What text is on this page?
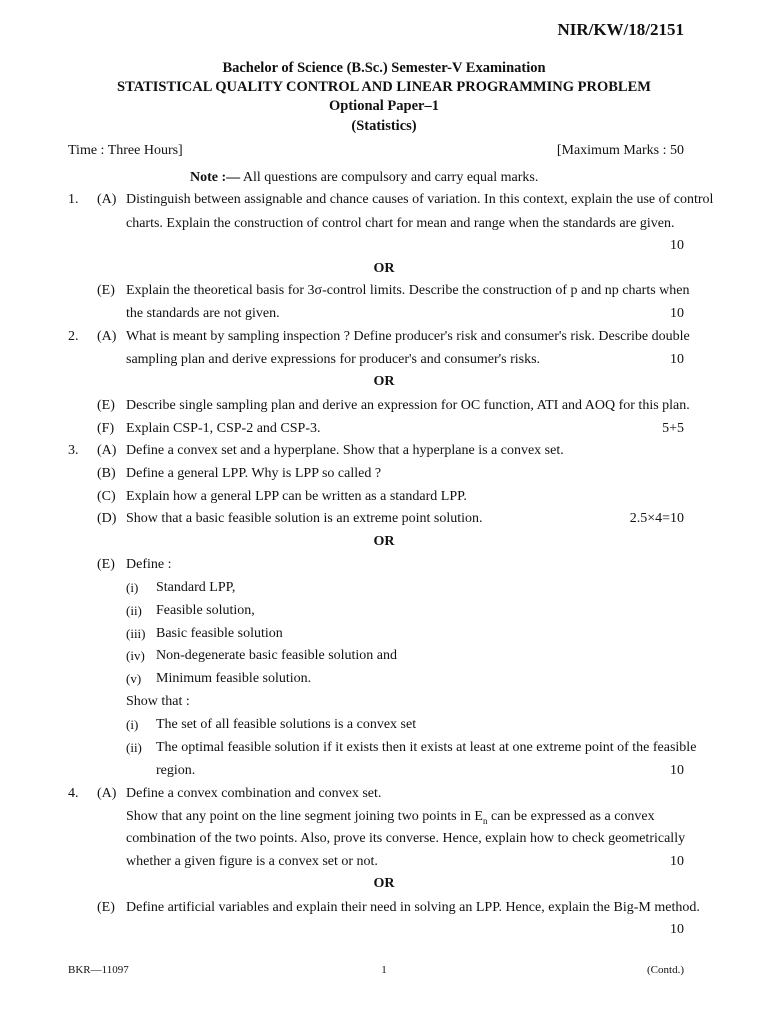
NIR/KW/18/2151
Bachelor of Science (B.Sc.) Semester-V Examination
STATISTICAL QUALITY CONTROL AND LINEAR PROGRAMMING PROBLEM
Optional Paper–1
(Statistics)
Time : Three Hours]	[Maximum Marks : 50
Note :— All questions are compulsory and carry equal marks.
1. (A) Distinguish between assignable and chance causes of variation. In this context, explain the use of control
charts. Explain the construction of control chart for mean and range when the standards are given.
10
OR
(E) Explain the theoretical basis for 3σ-control limits. Describe the construction of p and np charts when
the standards are not given.	10
2. (A) What is meant by sampling inspection ? Define producer's risk and consumer's risk. Describe double
sampling plan and derive expressions for producer's and consumer's risks.	10
OR
(E) Describe single sampling plan and derive an expression for OC function, ATI and AOQ for this plan.
(F) Explain CSP-1, CSP-2 and CSP-3.	5+5
3. (A) Define a convex set and a hyperplane. Show that a hyperplane is a convex set.
(B) Define a general LPP. Why is LPP so called ?
(C) Explain how a general LPP can be written as a standard LPP.
(D) Show that a basic feasible solution is an extreme point solution.	2.5×4=10
OR
(E) Define :
(i) Standard LPP,
(ii) Feasible solution,
(iii) Basic feasible solution
(iv) Non-degenerate basic feasible solution and
(v) Minimum feasible solution.
Show that :
(i) The set of all feasible solutions is a convex set
(ii) The optimal feasible solution if it exists then it exists at least at one extreme point of the feasible
region.	10
4. (A) Define a convex combination and convex set.
Show that any point on the line segment joining two points in $E_n$ can be expressed as a convex
combination of the two points. Also, prove its converse. Hence, explain how to check geometrically
whether a given figure is a convex set or not.	10
OR
(E) Define artificial variables and explain their need in solving an LPP. Hence, explain the Big-M method.
10
BKR—11097	1	(Contd.)
